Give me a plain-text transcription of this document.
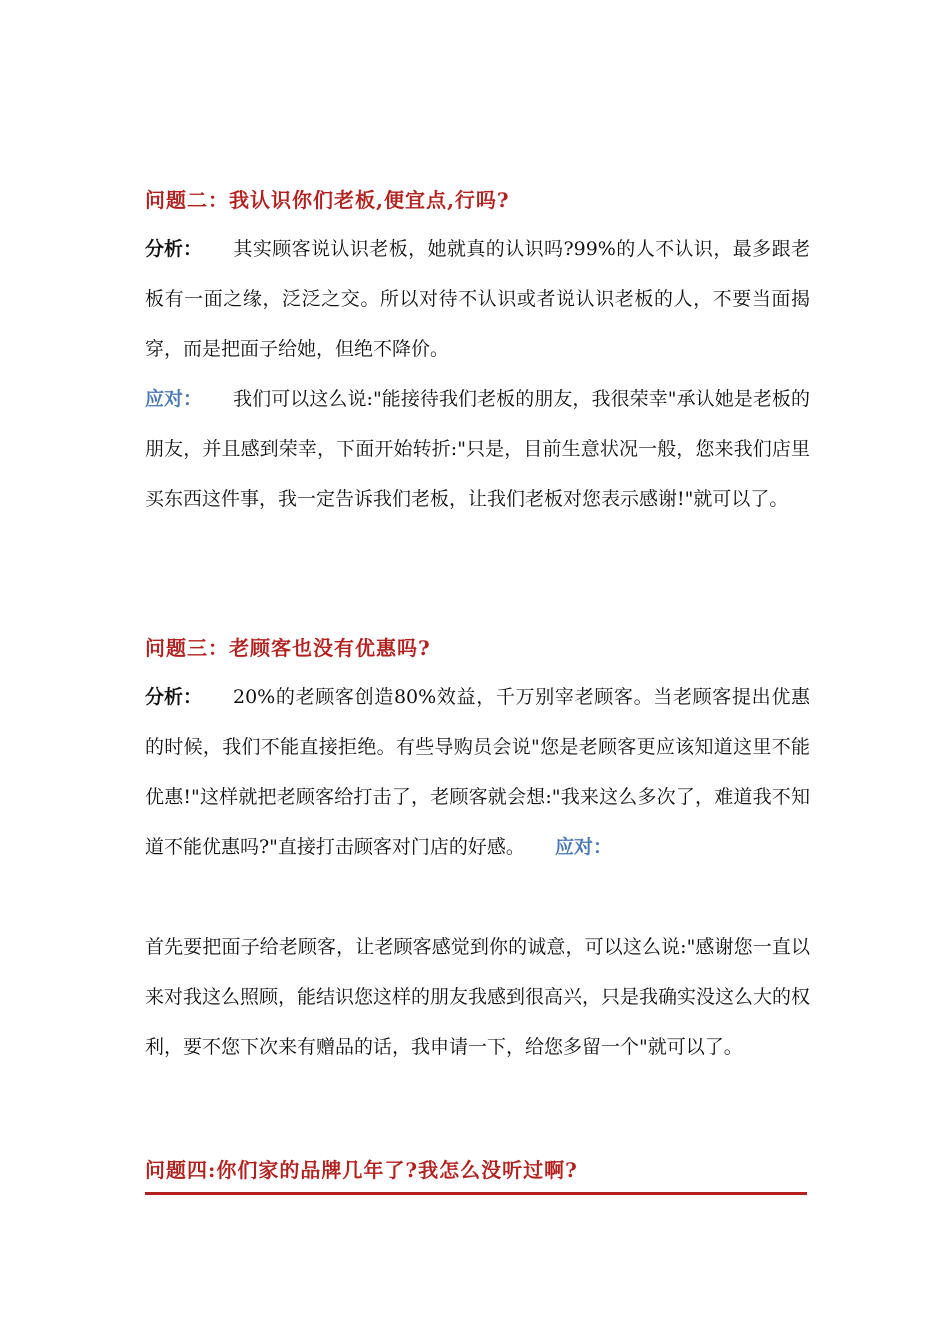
问题二：我认识你们老板,便宜点,行吗?
分析： 其实顾客说认识老板，她就真的认识吗?99%的人不认识，最多跟老板有一面之缘，泛泛之交。所以对待不认识或者说认识老板的人，不要当面揭穿，而是把面子给她，但绝不降价。
应对： 我们可以这么说:"能接待我们老板的朋友，我很荣幸"承认她是老板的朋友，并且感到荣幸，下面开始转折:"只是，目前生意状况一般，您来我们店里买东西这件事，我一定告诉我们老板，让我们老板对您表示感谢!"就可以了。
问题三：老顾客也没有优惠吗?
分析： 20%的老顾客创造80%效益，千万别宰老顾客。当老顾客提出优惠的时候，我们不能直接拒绝。有些导购员会说"您是老顾客更应该知道这里不能优惠!"这样就把老顾客给打击了，老顾客就会想:"我来这么多次了，难道我不知道不能优惠吗?"直接打击顾客对门店的好感。 应对：
首先要把面子给老顾客，让老顾客感觉到你的诚意，可以这么说:"感谢您一直以来对我这么照顾，能结识您这样的朋友我感到很高兴，只是我确实没这么大的权利，要不您下次来有赠品的话，我申请一下，给您多留一个"就可以了。
问题四:你们家的品牌几年了?我怎么没听过啊?
